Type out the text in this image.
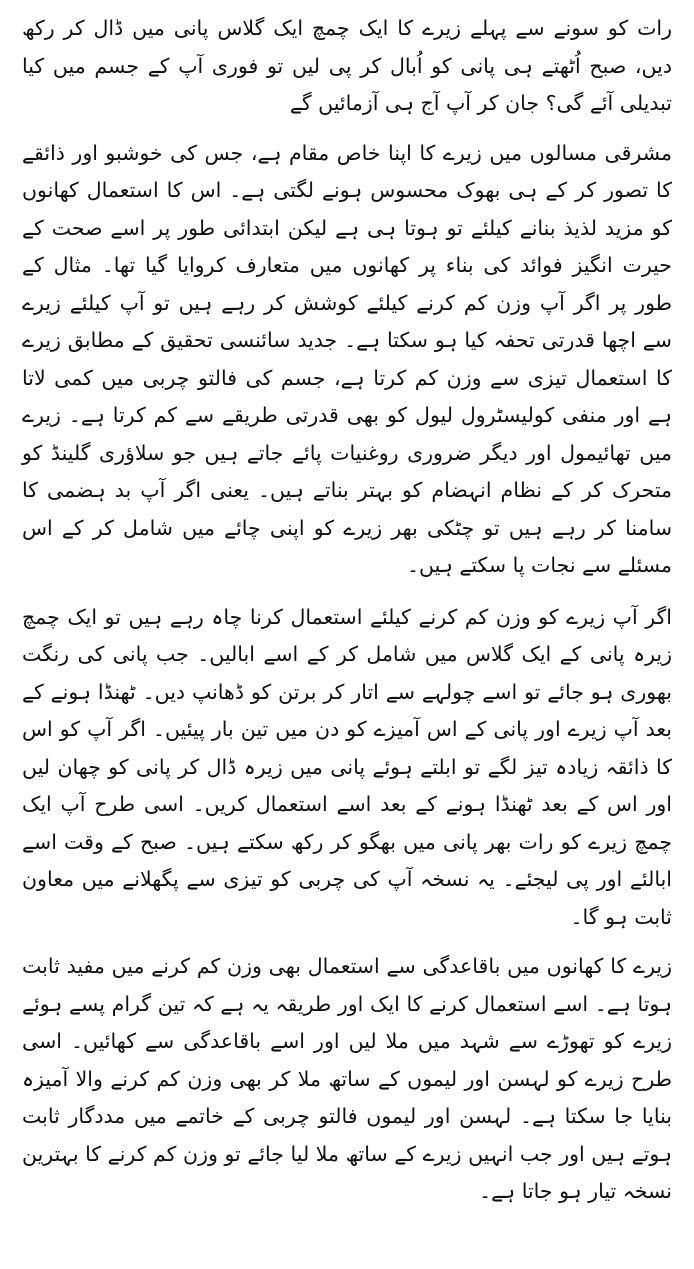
رات کو سونے سے پہلے زیرے کا ایک چمچ ایک گلاس پانی میں ڈال کر رکھ دیں، صبح اُٹھتے ہی پانی کو اُبال کر پی لیں تو فوری آپ کے جسم میں کیا تبدیلی آئے گی؟ جان کر آپ آج ہی آزمائیں گے

مشرقی مسالوں میں زیرے کا اپنا خاص مقام ہے، جس کی خوشبو اور ذائقے کا تصور کر کے ہی بھوک محسوس ہونے لگتی ہے۔ اس کا استعمال کھانوں کو مزید لذیذ بنانے کیلئے تو ہوتا ہی ہے لیکن ابتدائی طور پر اسے صحت کے حیرت انگیز فوائد کی بناء پر کھانوں میں متعارف کروایا گیا تھا۔ مثال کے طور پر اگر آپ وزن کم کرنے کیلئے کوشش کر رہے ہیں تو آپ کیلئے زیرے سے اچھا قدرتی تحفہ کیا ہو سکتا ہے۔ جدید سائنسی تحقیق کے مطابق زیرے کا استعمال تیزی سے وزن کم کرتا ہے، جسم کی فالتو چربی میں کمی لاتا ہے اور منفی کولیسٹرول لیول کو بھی قدرتی طریقے سے کم کرتا ہے۔ زیرے میں تھائیمول اور دیگر ضروری روغنیات پائے جاتے ہیں جو سلاؤری گلینڈ کو متحرک کر کے نظام انہضام کو بہتر بناتے ہیں۔ یعنی اگر آپ بد ہضمی کا سامنا کر رہے ہیں تو چٹکی بھر زیرے کو اپنی چائے میں شامل کر کے اس مسئلے سے نجات پا سکتے ہیں۔

اگر آپ زیرے کو وزن کم کرنے کیلئے استعمال کرنا چاہ رہے ہیں تو ایک چمچ زیرہ پانی کے ایک گلاس میں شامل کر کے اسے ابالیں۔ جب پانی کی رنگت بھوری ہو جائے تو اسے چولہے سے اتار کر برتن کو ڈھانپ دیں۔ ٹھنڈا ہونے کے بعد آپ زیرے اور پانی کے اس آمیزے کو دن میں تین بار پیئیں۔ اگر آپ کو اس کا ذائقہ زیادہ تیز لگے تو ابلتے ہوئے پانی میں زیرہ ڈال کر پانی کو چھان لیں اور اس کے بعد ٹھنڈا ہونے کے بعد اسے استعمال کریں۔ اسی طرح آپ ایک چمچ زیرے کو رات بھر پانی میں بھگو کر رکھ سکتے ہیں۔ صبح کے وقت اسے ابالئے اور پی لیجئے۔ یہ نسخہ آپ کی چربی کو تیزی سے پگھلانے میں معاون ثابت ہو گا۔

زیرے کا کھانوں میں باقاعدگی سے استعمال بھی وزن کم کرنے میں مفید ثابت ہوتا ہے۔ اسے استعمال کرنے کا ایک اور طریقہ یہ ہے کہ تین گرام پسے ہوئے زیرے کو تھوڑے سے شہد میں ملا لیں اور اسے باقاعدگی سے کھائیں۔ اسی طرح زیرے کو لہسن اور لیموں کے ساتھ ملا کر بھی وزن کم کرنے والا آمیزہ بنایا جا سکتا ہے۔ لہسن اور لیموں فالتو چربی کے خاتمے میں مددگار ثابت ہوتے ہیں اور جب انہیں زیرے کے ساتھ ملا لیا جائے تو وزن کم کرنے کا بہترین نسخہ تیار ہو جاتا ہے۔
